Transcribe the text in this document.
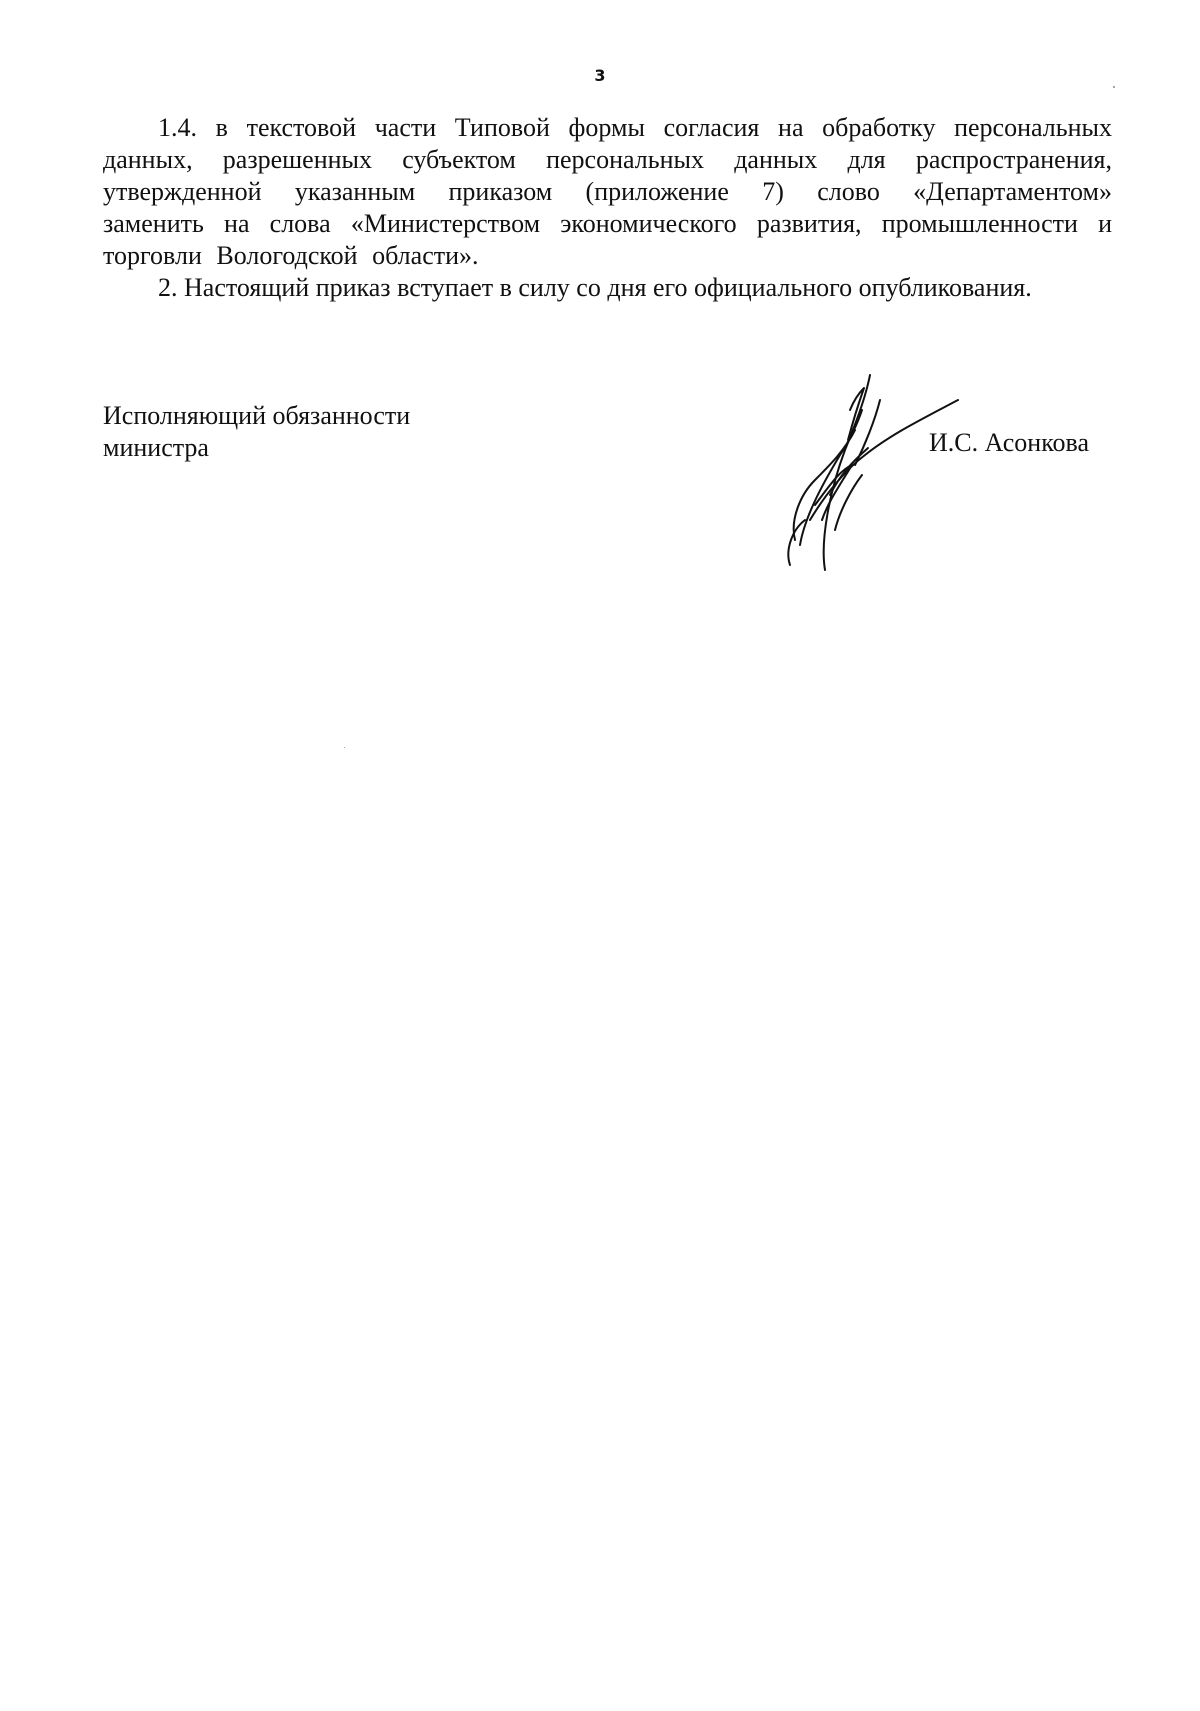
3

1.4. в текстовой части Типовой формы согласия на обработку персональных данных, разрешенных субъектом персональных данных для распространения, утвержденной указанным приказом (приложение 7) слово «Департаментом» заменить на слова «Министерством экономического развития, промышленности и торговли Вологодской области».

2. Настоящий приказ вступает в силу со дня его официального опубликования.

Исполняющий обязанности
министра	И.С. Асонкова
